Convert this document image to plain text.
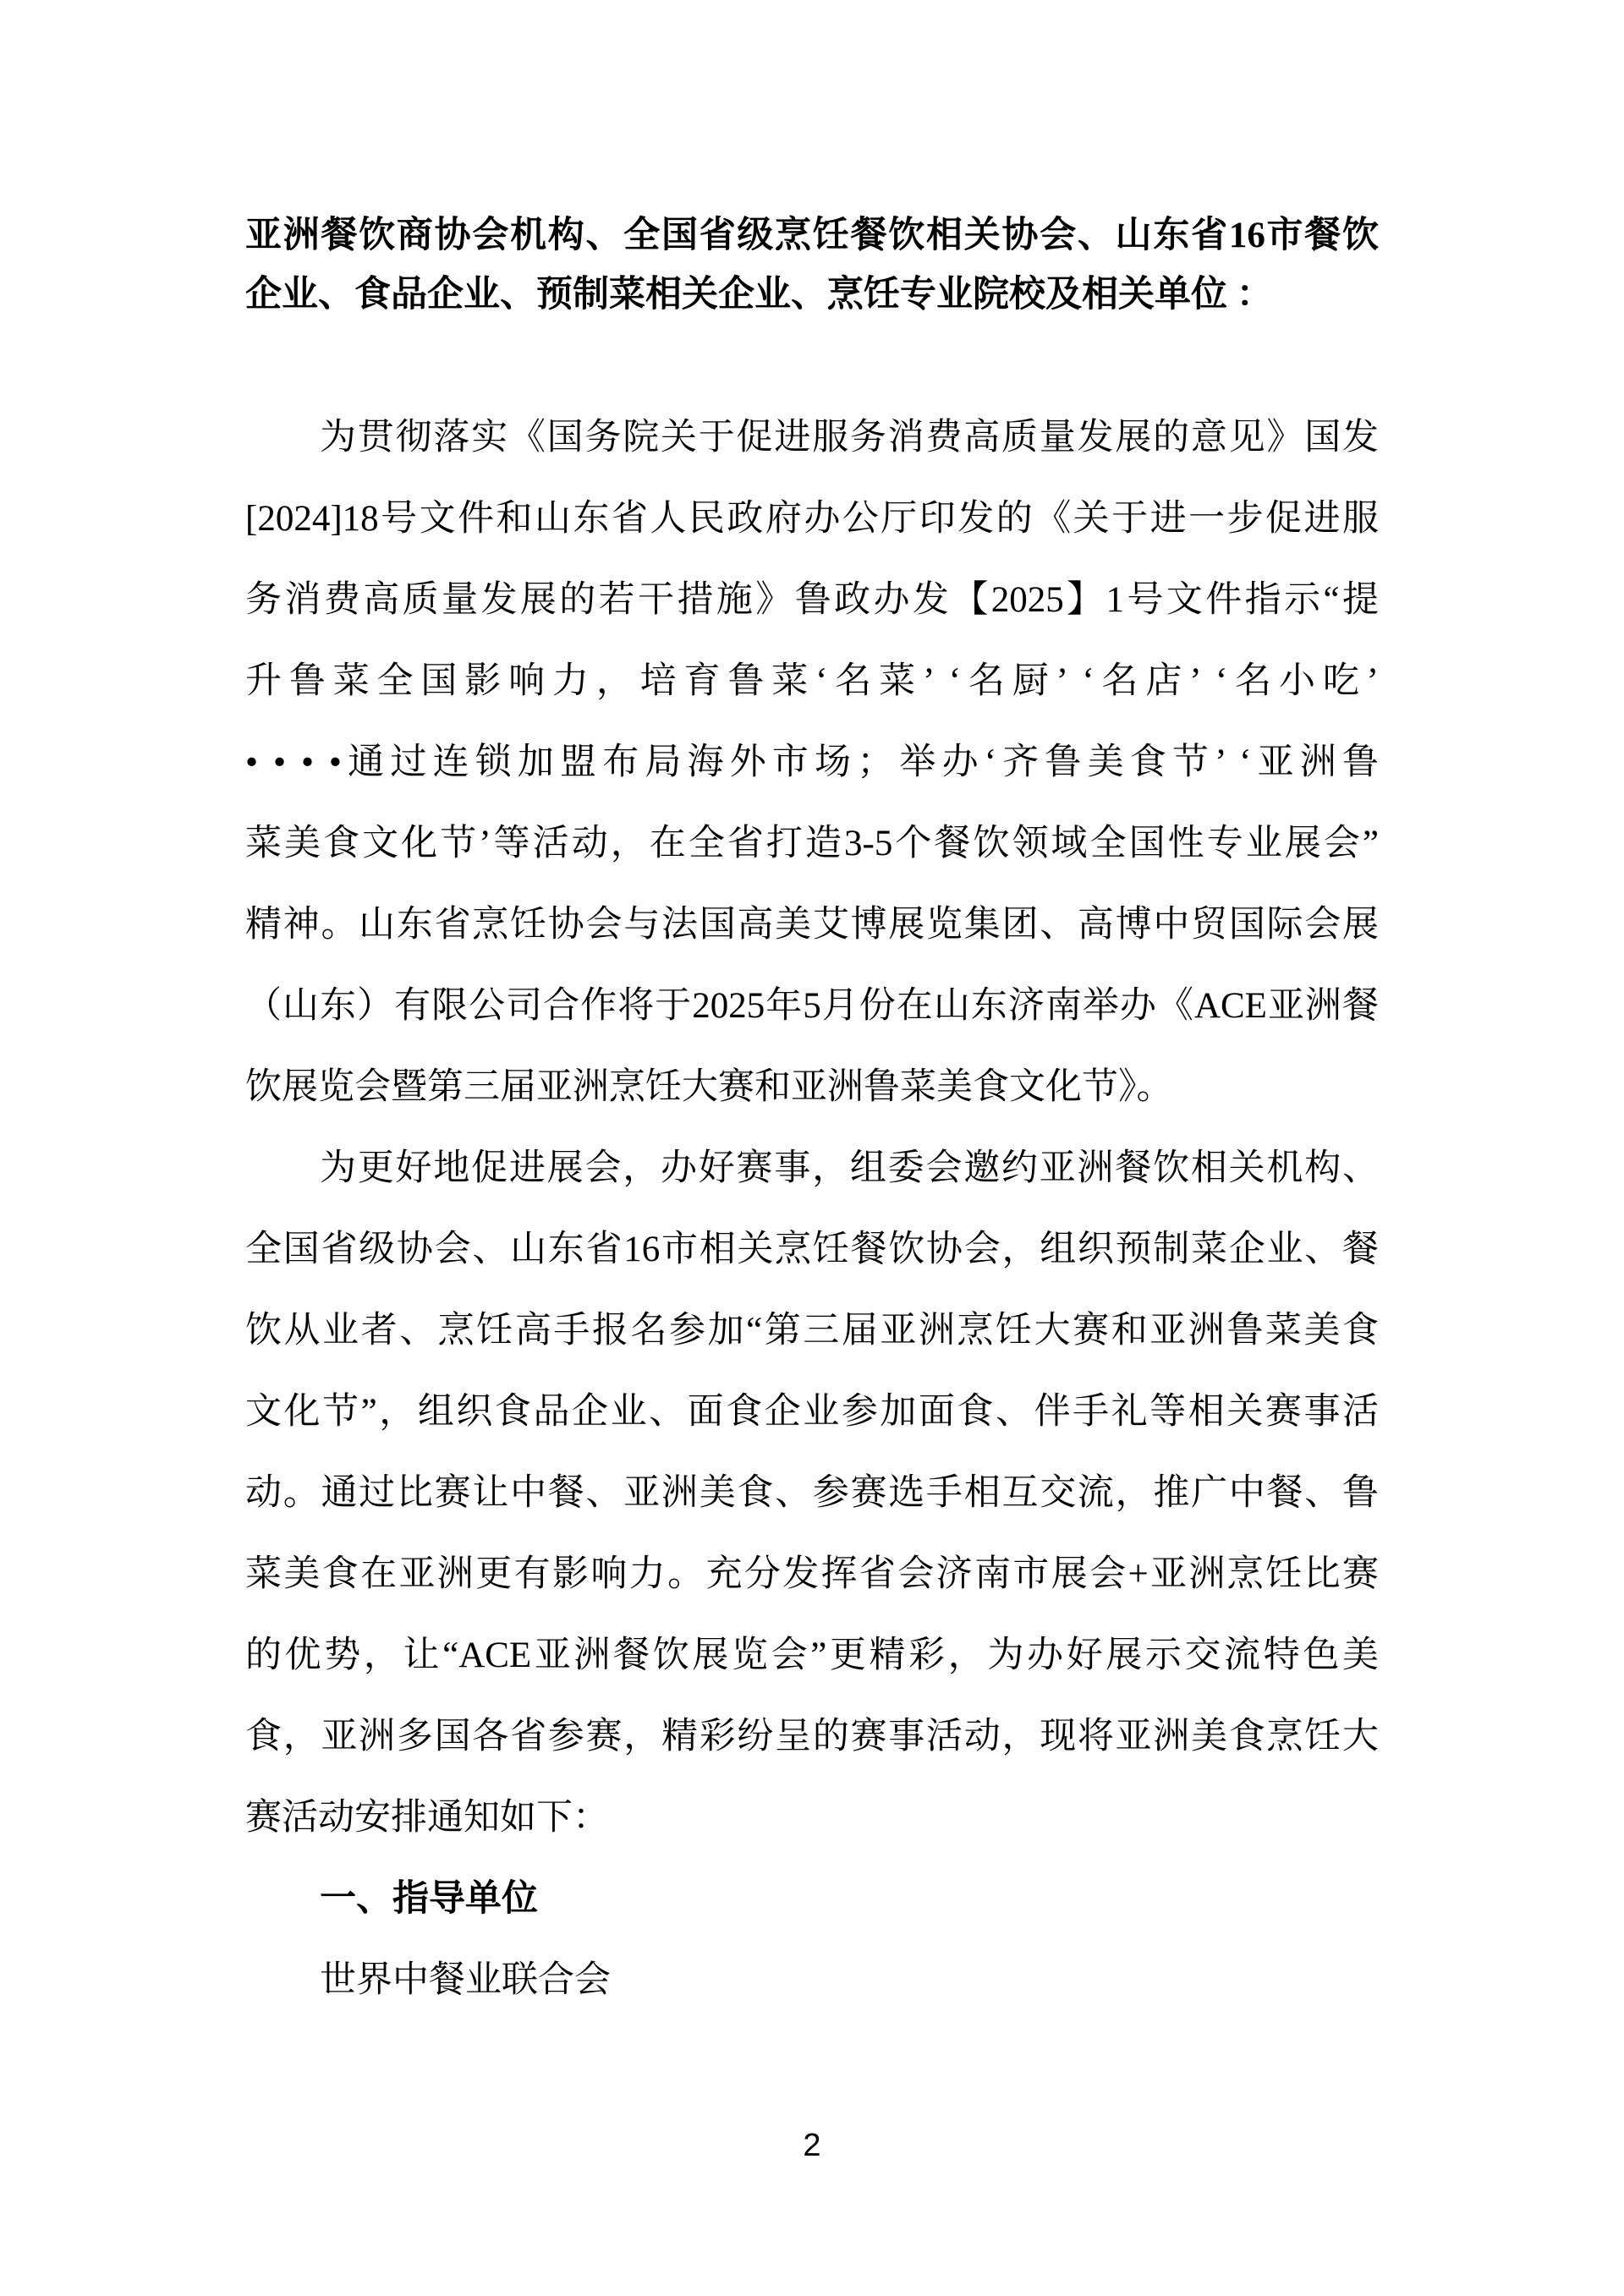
亚洲餐饮商协会机构、全国省级烹饪餐饮相关协会、山东省16市餐饮

企业、食品企业、预制菜相关企业、烹饪专业院校及相关单位 ：

为贯彻落实《国务院关于促进服务消费高质量发展的意见》国发

[2024]18号文件和山东省人民政府办公厅印发的《关于进一步促进服

务消费高质量发展的若干措施》鲁政办发【2025】1号文件指示“提

升鲁菜全国影响力，培育鲁菜‘名菜’ ‘名厨’ ‘名店’ ‘名小吃’

• • • •通过连锁加盟布局海外市场；举办‘齐鲁美食节’ ‘亚洲鲁

菜美食文化节’等活动，在全省打造3-5个餐饮领域全国性专业展会”

精神。山东省烹饪协会与法国高美艾博展览集团、高博中贸国际会展

（山东）有限公司合作将于2025年5月份在山东济南举办《ACE亚洲餐

饮展览会暨第三届亚洲烹饪大赛和亚洲鲁菜美食文化节》。

为更好地促进展会，办好赛事，组委会邀约亚洲餐饮相关机构、

全国省级协会、山东省16市相关烹饪餐饮协会，组织预制菜企业、餐

饮从业者、烹饪高手报名参加“第三届亚洲烹饪大赛和亚洲鲁菜美食

文化节”，组织食品企业、面食企业参加面食、伴手礼等相关赛事活

动。通过比赛让中餐、亚洲美食、参赛选手相互交流，推广中餐、鲁

菜美食在亚洲更有影响力。充分发挥省会济南市展会+亚洲烹饪比赛

的优势，让“ACE亚洲餐饮展览会”更精彩，为办好展示交流特色美

食，亚洲多国各省参赛，精彩纷呈的赛事活动，现将亚洲美食烹饪大

赛活动安排通知如下：

一、指导单位

世界中餐业联合会

2
